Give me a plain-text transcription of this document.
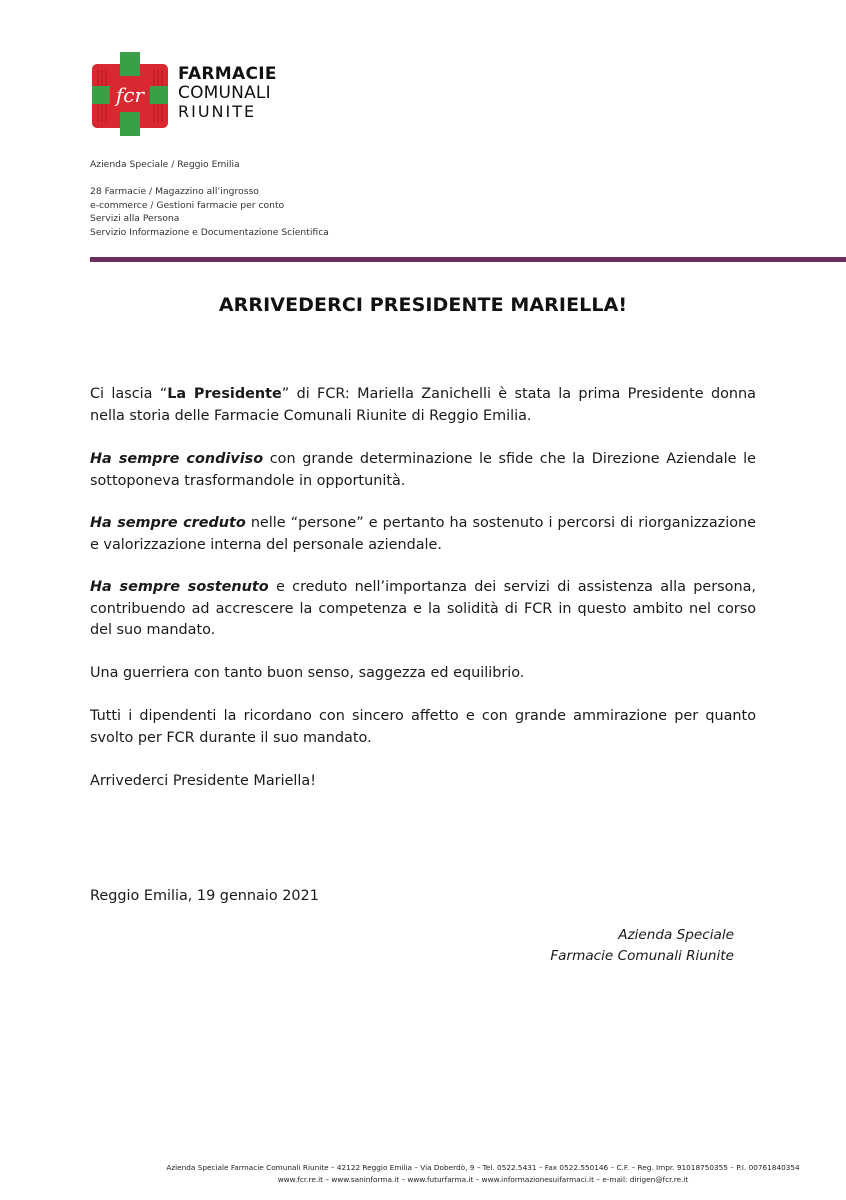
fcr
FARMACIE
COMUNALI
RIUNITE
Azienda Speciale / Reggio Emilia
28 Farmacie / Magazzino all’ingrosso
e-commerce / Gestioni farmacie per conto
Servizi alla Persona
Servizio Informazione e Documentazione Scientifica
ARRIVEDERCI PRESIDENTE MARIELLA!

Ci lascia “La Presidente” di FCR: Mariella Zanichelli è stata la prima Presidente donna nella storia delle Farmacie Comunali Riunite di Reggio Emilia.

Ha sempre condiviso con grande determinazione le sfide che la Direzione Aziendale le sottoponeva trasformandole in opportunità.

Ha sempre creduto nelle “persone” e pertanto ha sostenuto i percorsi di riorganizzazione e valorizzazione interna del personale aziendale.

Ha sempre sostenuto e creduto nell’importanza dei servizi di assistenza alla persona, contribuendo ad accrescere la competenza e la solidità di FCR in questo ambito nel corso del suo mandato.

Una guerriera con tanto buon senso, saggezza ed equilibrio.

Tutti i dipendenti la ricordano con sincero affetto e con grande ammirazione per quanto svolto per FCR durante il suo mandato.

Arrivederci Presidente Mariella!

Reggio Emilia, 19 gennaio 2021

Azienda Speciale
Farmacie Comunali Riunite
Azienda Speciale Farmacie Comunali Riunite – 42122 Reggio Emilia – Via Doberdò, 9 – Tel. 0522.5431 – Fax 0522.550146 – C.F. – Reg. Impr. 91018750355 – P.I. 00761840354
www.fcr.re.it – www.saninforma.it – www.futurfarma.it – www.informazionesuifarmaci.it – e-mail: dirigen@fcr.re.it
